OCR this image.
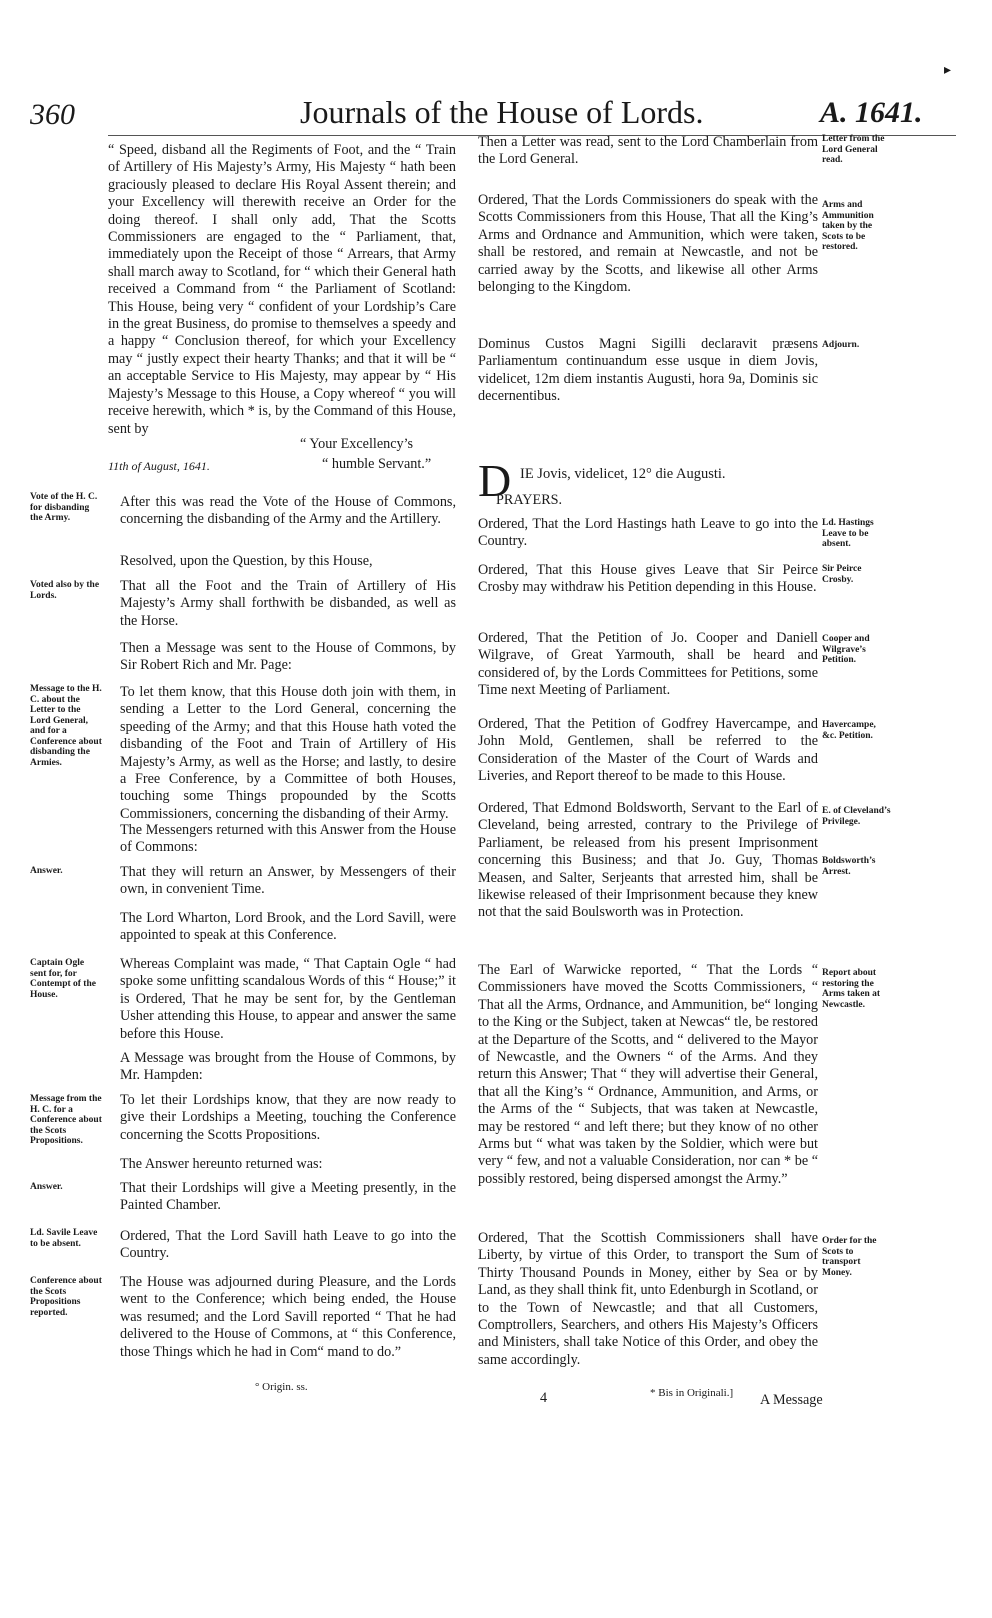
▸
360	Journals of the House of Lords.	A. 1641.

“ Speed, disband all the Regiments of Foot, and the “ Train of Artillery of His Majesty’s Army, His Majesty “ hath been graciously pleased to declare His Royal Assent therein; and your Excellency will therewith receive an Order for the doing thereof. I shall only add, That the Scotts Commissioners are engaged to the “ Parliament, that, immediately upon the Receipt of those “ Arrears, that Army shall march away to Scotland, for “ which their General hath received a Command from “ the Parliament of Scotland: This House, being very “ confident of your Lordship’s Care in the great Business, do promise to themselves a speedy and a happy “ Conclusion thereof, for which your Excellency may “ justly expect their hearty Thanks; and that it will be “ an acceptable Service to His Majesty, may appear by “ His Majesty’s Message to this House, a Copy whereof “ you will receive herewith, which * is, by the Command of this House, sent by

“ Your Excellency’s

11th of August, 1641.	“ humble Servant.”

After this was read the Vote of the House of Commons, concerning the disbanding of the Army and the Artillery.

Resolved, upon the Question, by this House,

That all the Foot and the Train of Artillery of His Majesty’s Army shall forthwith be disbanded, as well as the Horse.

Then a Message was sent to the House of Commons, by Sir Robert Rich and Mr. Page:

To let them know, that this House doth join with them, in sending a Letter to the Lord General, concerning the speeding of the Army; and that this House hath voted the disbanding of the Foot and Train of Artillery of His Majesty’s Army, as well as the Horse; and lastly, to desire a Free Conference, by a Committee of both Houses, touching some Things propounded by the Scotts Commissioners, concerning the disbanding of their Army.

The Messengers returned with this Answer from the House of Commons:

That they will return an Answer, by Messengers of their own, in convenient Time.

The Lord Wharton, Lord Brook, and the Lord Savill, were appointed to speak at this Conference.

Whereas Complaint was made, “ That Captain Ogle “ had spoke some unfitting scandalous Words of this “ House;” it is Ordered, That he may be sent for, by the Gentleman Usher attending this House, to appear and answer the same before this House.

A Message was brought from the House of Commons, by Mr. Hampden:

To let their Lordships know, that they are now ready to give their Lordships a Meeting, touching the Conference concerning the Scotts Propositions.

The Answer hereunto returned was:

That their Lordships will give a Meeting presently, in the Painted Chamber.

Ordered, That the Lord Savill hath Leave to go into the Country.

The House was adjourned during Pleasure, and the Lords went to the Conference; which being ended, the House was resumed; and the Lord Savill reported “ That he had delivered to the House of Commons, at “ this Conference, those Things which he had in Com“ mand to do.”

° Origin. ss.

Vote of the H. C. for disbanding the Army.

Voted also by the Lords.

Message to the H. C. about the Letter to the Lord General, and for a Conference about disbanding the Armies.

Answer.

Captain Ogle sent for, for Contempt of the House.

Message from the H. C. for a Conference about the Scots Propositions.

Answer.

Ld. Savile Leave to be absent.

Conference about the Scots Propositions reported.

Then a Letter was read, sent to the Lord Chamberlain from the Lord General.

Ordered, That the Lords Commissioners do speak with the Scotts Commissioners from this House, That all the King’s Arms and Ordnance and Ammunition, which were taken, shall be restored, and remain at Newcastle, and not be carried away by the Scotts, and likewise all other Arms belonging to the Kingdom.

Dominus Custos Magni Sigilli declaravit præsens Parliamentum continuandum esse usque in diem Jovis, videlicet, 12m diem instantis Augusti, hora 9a, Dominis sic decernentibus.

D IE Jovis, videlicet, 12° die Augusti.

PRAYERS.

Ordered, That the Lord Hastings hath Leave to go into the Country.

Ordered, That this House gives Leave that Sir Peirce Crosby may withdraw his Petition depending in this House.

Ordered, That the Petition of Jo. Cooper and Daniell Wilgrave, of Great Yarmouth, shall be heard and considered of, by the Lords Committees for Petitions, some Time next Meeting of Parliament.

Ordered, That the Petition of Godfrey Havercampe, and John Mold, Gentlemen, shall be referred to the Consideration of the Master of the Court of Wards and Liveries, and Report thereof to be made to this House.

Ordered, That Edmond Boldsworth, Servant to the Earl of Cleveland, being arrested, contrary to the Privilege of Parliament, be released from his present Imprisonment concerning this Business; and that Jo. Guy, Thomas Measen, and Salter, Serjeants that arrested him, shall be likewise released of their Imprisonment because they knew not that the said Boulsworth was in Protection.

The Earl of Warwicke reported, “ That the Lords “ Commissioners have moved the Scotts Commissioners, “ That all the Arms, Ordnance, and Ammunition, be“ longing to the King or the Subject, taken at Newcas“ tle, be restored at the Departure of the Scotts, and “ delivered to the Mayor of Newcastle, and the Owners “ of the Arms. And they return this Answer; That “ they will advertise their General, that all the King’s “ Ordnance, Ammunition, and Arms, or the Arms of the “ Subjects, that was taken at Newcastle, may be restored “ and left there; but they know of no other Arms but “ what was taken by the Soldier, which were but very “ few, and not a valuable Consideration, nor can * be “ possibly restored, being dispersed amongst the Army.”

Ordered, That the Scottish Commissioners shall have Liberty, by virtue of this Order, to transport the Sum of Thirty Thousand Pounds in Money, either by Sea or by Land, as they shall think fit, unto Edenburgh in Scotland, or to the Town of Newcastle; and that all Customers, Comptrollers, Searchers, and others His Majesty’s Officers and Ministers, shall take Notice of this Order, and obey the same accordingly.

* Bis in Originali.]

4	A Message

Letter from the Lord General read.

Arms and Ammunition taken by the Scots to be restored.

Adjourn.

Ld. Hastings Leave to be absent.

Sir Peirce Crosby.

Cooper and Wilgrave’s Petition.

Havercampe, &c. Petition.

E. of Cleveland’s Privilege.

Boldsworth’s Arrest.

Report about restoring the Arms taken at Newcastle.

Order for the Scots to transport Money.
